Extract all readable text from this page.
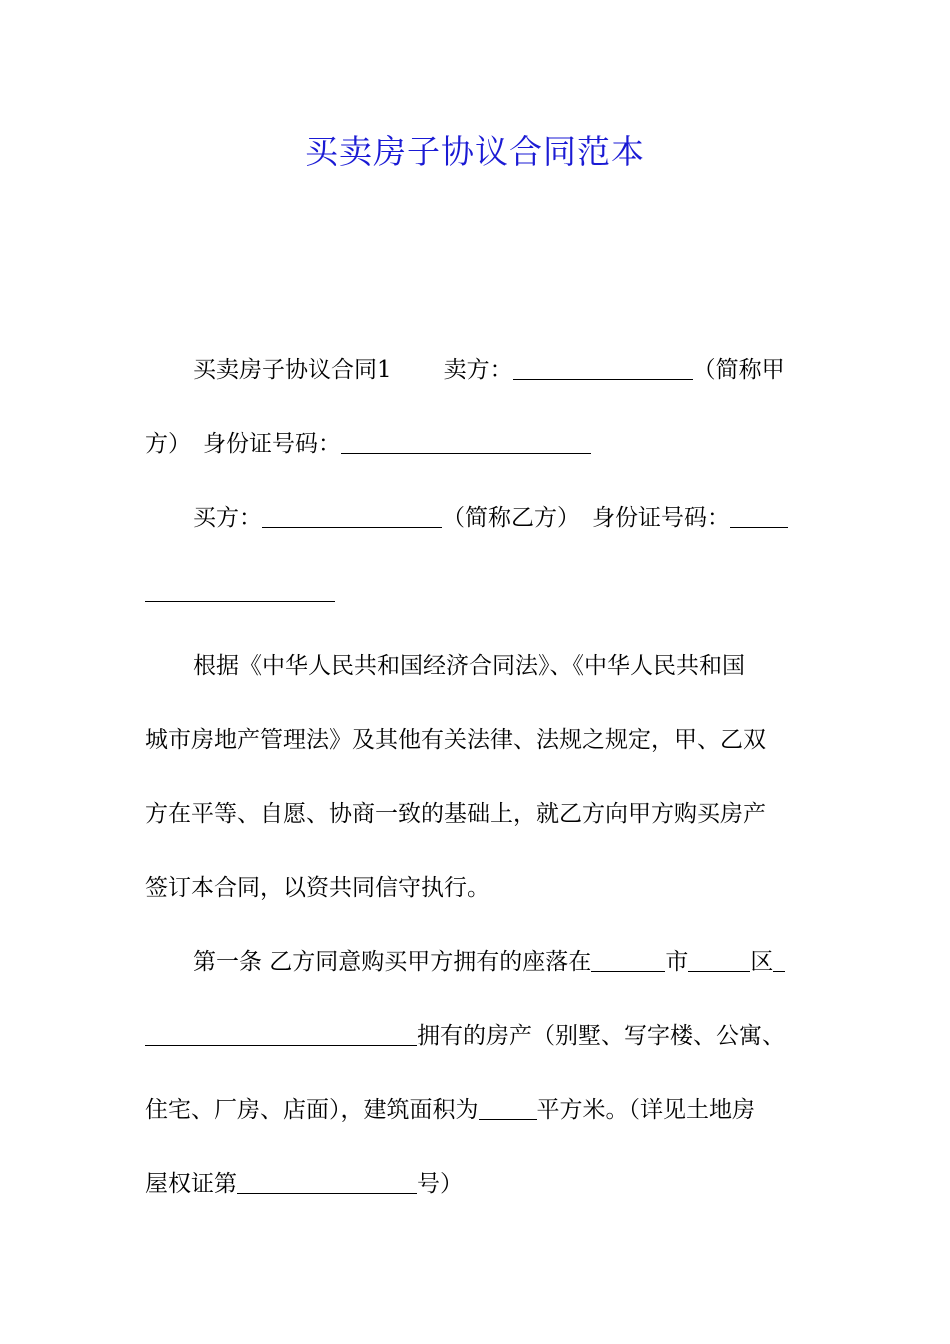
买卖房子协议合同范本
买卖房子协议合同1 卖方：	（简称甲
方） 身份证号码：
买方：	（简称乙方） 身份证号码：
根据《中华人民共和国经济合同法》、《中华人民共和国
城市房地产管理法》及其他有关法律、法规之规定，甲、乙双
方在平等、自愿、协商一致的基础上，就乙方向甲方购买房产
签订本合同，以资共同信守执行。
第一条 乙方同意购买甲方拥有的座落在	市	区
拥有的房产（别墅、写字楼、公寓、
住宅、厂房、店面），建筑面积为	平方米。（详见土地房
屋权证第	号）
